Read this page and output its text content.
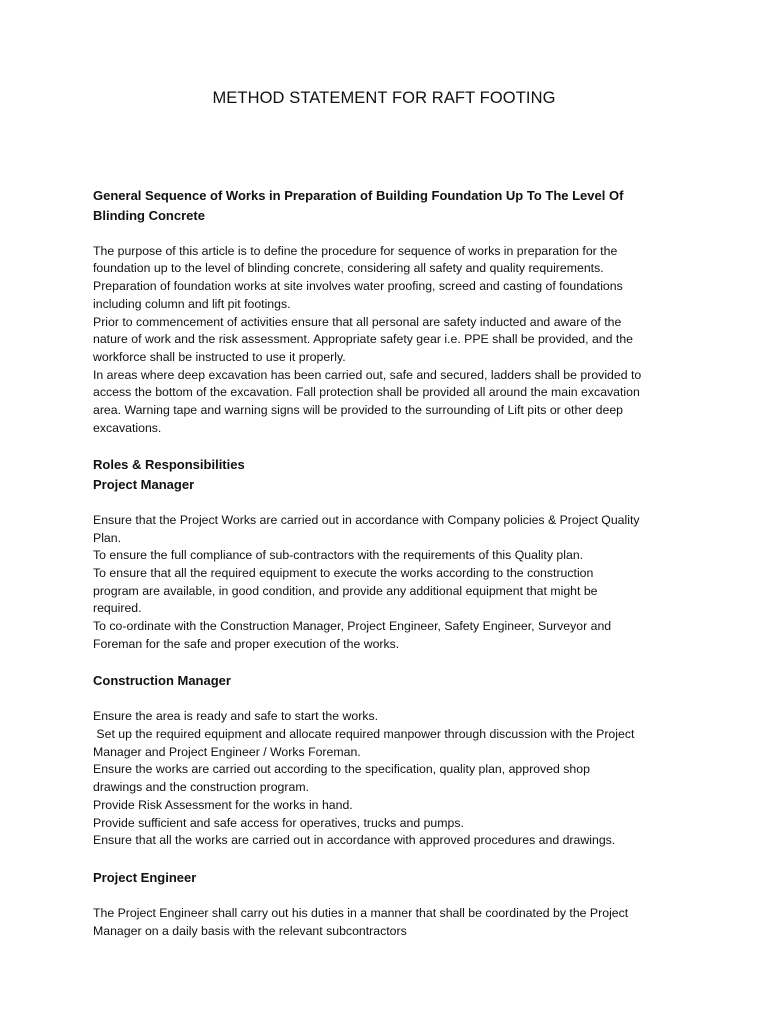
METHOD STATEMENT FOR RAFT FOOTING
General Sequence of Works in Preparation of Building Foundation Up To The Level Of
Blinding Concrete
The purpose of this article is to define the procedure for sequence of works in preparation for the
foundation up to the level of blinding concrete, considering all safety and quality requirements.
Preparation of foundation works at site involves water proofing, screed and casting of foundations
including column and lift pit footings.
Prior to commencement of activities ensure that all personal are safety inducted and aware of the
nature of work and the risk assessment. Appropriate safety gear i.e. PPE shall be provided, and the
workforce shall be instructed to use it properly.
In areas where deep excavation has been carried out, safe and secured, ladders shall be provided to
access the bottom of the excavation. Fall protection shall be provided all around the main excavation
area. Warning tape and warning signs will be provided to the surrounding of Lift pits or other deep
excavations.
Roles & Responsibilities
Project Manager
Ensure that the Project Works are carried out in accordance with Company policies & Project Quality
Plan.
To ensure the full compliance of sub-contractors with the requirements of this Quality plan.
To ensure that all the required equipment to execute the works according to the construction
program are available, in good condition, and provide any additional equipment that might be
required.
To co-ordinate with the Construction Manager, Project Engineer, Safety Engineer, Surveyor and
Foreman for the safe and proper execution of the works.
Construction Manager
Ensure the area is ready and safe to start the works.
Set up the required equipment and allocate required manpower through discussion with the Project
Manager and Project Engineer / Works Foreman.
Ensure the works are carried out according to the specification, quality plan, approved shop
drawings and the construction program.
Provide Risk Assessment for the works in hand.
Provide sufficient and safe access for operatives, trucks and pumps.
Ensure that all the works are carried out in accordance with approved procedures and drawings.
Project Engineer
The Project Engineer shall carry out his duties in a manner that shall be coordinated by the Project
Manager on a daily basis with the relevant subcontractors
